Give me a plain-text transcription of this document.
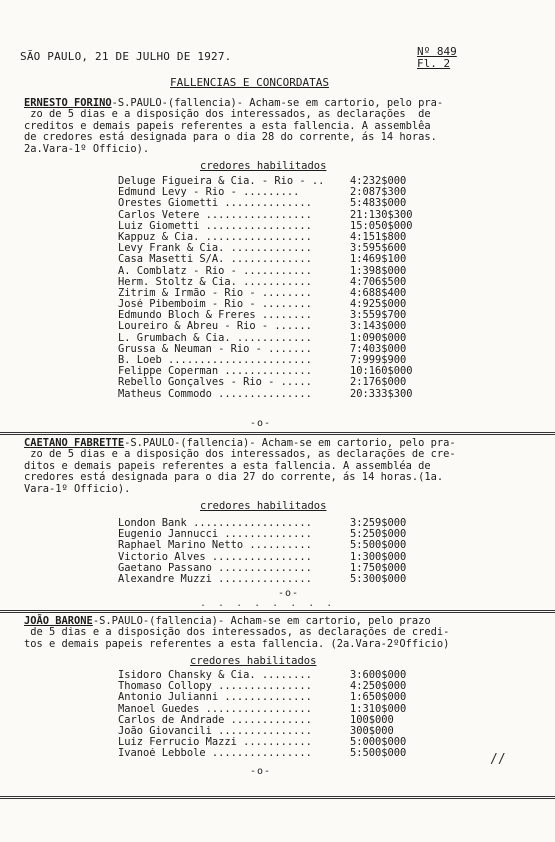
SÃO PAULO, 21 DE JULHO DE 1927.	Nº 849
Fl. 2
FALLENCIAS E CONCORDATAS
ERNESTO FORINO-S.PAULO-(fallencia)- Acham-se em cartorio, pelo pra-
zo de 5 dias e a disposição dos interessados, as declarações  de
creditos e demais papeis referentes a esta fallencia. A assemblêa
de credores está designada para o dia 28 do corrente, ás 14 horas.
2a.Vara-1º Officio).
credores habilitados
Deluge Figueira & Cia. - Rio - ..	4:232$000
Edmund Levy - Rio - .........	2:087$300
Orestes Giometti ..............	5:483$000
Carlos Vetere .................	21:130$300
Luiz Giometti .................	15:050$000
Kappuz & Cia. .................	4:151$800
Levy Frank & Cia. .............	3:595$600
Casa Masetti S/A. .............	1:469$100
A. Comblatz - Rio - ...........	1:398$000
Herm. Stoltz & Cia. ...........	4:706$500
Zitrim & Irmão - Rio - ........	4:688$400
José Pibemboim - Rio - ........	4:925$000
Edmundo Bloch & Freres ........	3:559$700
Loureiro & Abreu - Rio - ......	3:143$000
L. Grumbach & Cia. ............	1:090$000
Grussa & Neuman - Rio - .......	7:403$000
B. Loeb .......................	7:999$900
Felippe Coperman ..............	10:160$000
Rebello Gonçalves - Rio - .....	2:176$000
Matheus Commodo ...............	20:333$300
-o-
CAETANO FABRETTE-S.PAULO-(fallencia)- Acham-se em cartorio, pelo pra-
zo de 5 dias e a disposição dos interessados, as declarações de cre-
ditos e demais papeis referentes a esta fallencia. A assembléa de
credores está designada para o dia 27 do corrente, ás 14 horas.(1a.
Vara-1º Officio).
credores habilitados
London Bank ...................	3:259$000
Eugenio Jannucci ..............	5:250$000
Raphael Marino Netto ..........	5:500$000
Victorio Alves ................	1:300$000
Gaetano Passano ...............	1:750$000
Alexandre Muzzi ...............	5:300$000
-o-
. . . . . . . .
JOÃO BARONE-S.PAULO-(fallencia)- Acham-se em cartorio, pelo prazo
de 5 dias e a disposição dos interessados, as declarações de credi-
tos e demais papeis referentes a esta fallencia. (2a.Vara-2ºOfficio)
credores habilitados
Isidoro Chansky & Cia. ........	3:600$000
Thomaso Collopy ...............	4:250$000
Antonio Julianni ..............	1:650$000
Manoel Guedes .................	1:310$000
Carlos de Andrade .............	100$000
João Giovancili ...............	300$000
Luiz Ferrucio Mazzi ...........	5:000$000
Ivanoé Lebbole ................	5:500$000
-o-
//
